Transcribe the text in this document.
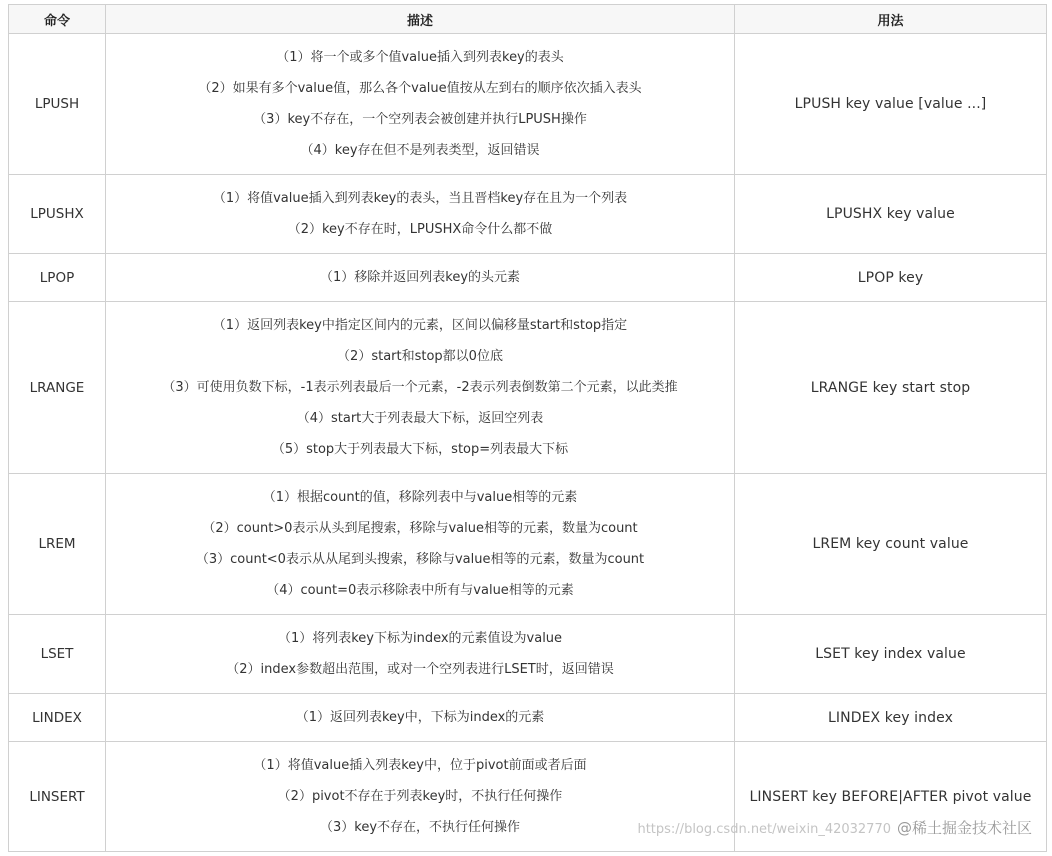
命令	描述	用法
LPUSH	（1）将一个或多个值value插入到列表key的表头
（2）如果有多个value值，那么各个value值按从左到右的顺序依次插入表头
（3）key不存在，一个空列表会被创建并执行LPUSH操作
（4）key存在但不是列表类型，返回错误	LPUSH key value [value ...]
LPUSHX	（1）将值value插入到列表key的表头，当且晋档key存在且为一个列表
（2）key不存在时，LPUSHX命令什么都不做	LPUSHX key value
LPOP	（1）移除并返回列表key的头元素	LPOP key
LRANGE	（1）返回列表key中指定区间内的元素，区间以偏移量start和stop指定
（2）start和stop都以0位底
（3）可使用负数下标，-1表示列表最后一个元素，-2表示列表倒数第二个元素，以此类推
（4）start大于列表最大下标，返回空列表
（5）stop大于列表最大下标，stop=列表最大下标	LRANGE key start stop
LREM	（1）根据count的值，移除列表中与value相等的元素
（2）count>0表示从头到尾搜索，移除与value相等的元素，数量为count
（3）count<0表示从从尾到头搜索，移除与value相等的元素，数量为count
（4）count=0表示移除表中所有与value相等的元素	LREM key count value
LSET	（1）将列表key下标为index的元素值设为value
（2）index参数超出范围，或对一个空列表进行LSET时，返回错误	LSET key index value
LINDEX	（1）返回列表key中，下标为index的元素	LINDEX key index
LINSERT	（1）将值value插入列表key中，位于pivot前面或者后面
（2）pivot不存在于列表key时，不执行任何操作
（3）key不存在，不执行任何操作	LINSERT key BEFORE|AFTER pivot value
https://blog.csdn.net/weixin_42032770 @稀土掘金技术社区
